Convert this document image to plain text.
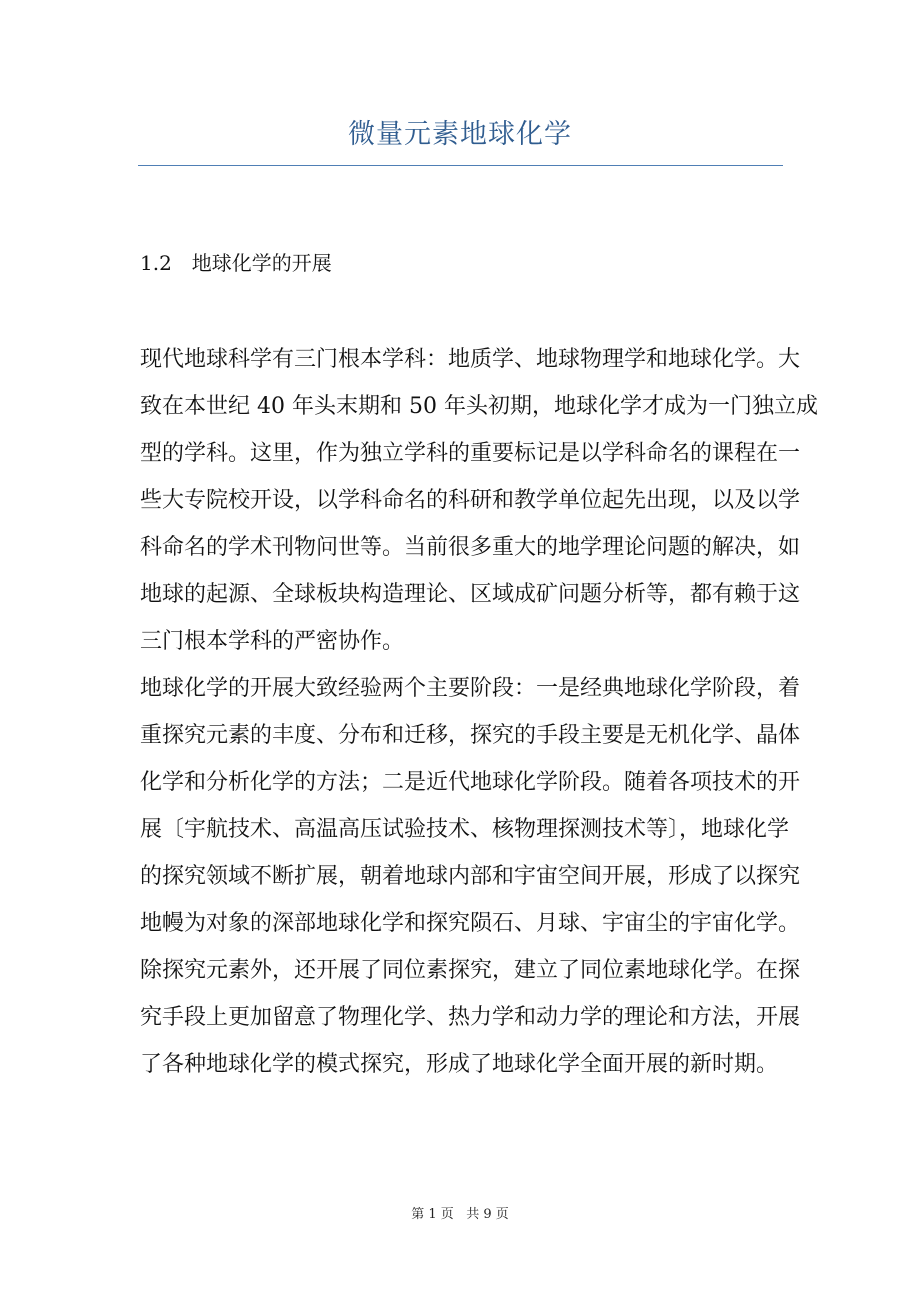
微量元素地球化学
1.2　地球化学的开展
现代地球科学有三门根本学科：地质学、地球物理学和地球化学。大
致在本世纪 40 年头末期和 50 年头初期，地球化学才成为一门独立成
型的学科。这里，作为独立学科的重要标记是以学科命名的课程在一
些大专院校开设，以学科命名的科研和教学单位起先出现，以及以学
科命名的学术刊物问世等。当前很多重大的地学理论问题的解决，如
地球的起源、全球板块构造理论、区域成矿问题分析等，都有赖于这
三门根本学科的严密协作。
地球化学的开展大致经验两个主要阶段：一是经典地球化学阶段，着
重探究元素的丰度、分布和迁移，探究的手段主要是无机化学、晶体
化学和分析化学的方法；二是近代地球化学阶段。随着各项技术的开
展〔宇航技术、高温高压试验技术、核物理探测技术等〕，地球化学
的探究领域不断扩展，朝着地球内部和宇宙空间开展，形成了以探究
地幔为对象的深部地球化学和探究陨石、月球、宇宙尘的宇宙化学。
除探究元素外，还开展了同位素探究，建立了同位素地球化学。在探
究手段上更加留意了物理化学、热力学和动力学的理论和方法，开展
了各种地球化学的模式探究，形成了地球化学全面开展的新时期。
第 1 页   共 9 页
